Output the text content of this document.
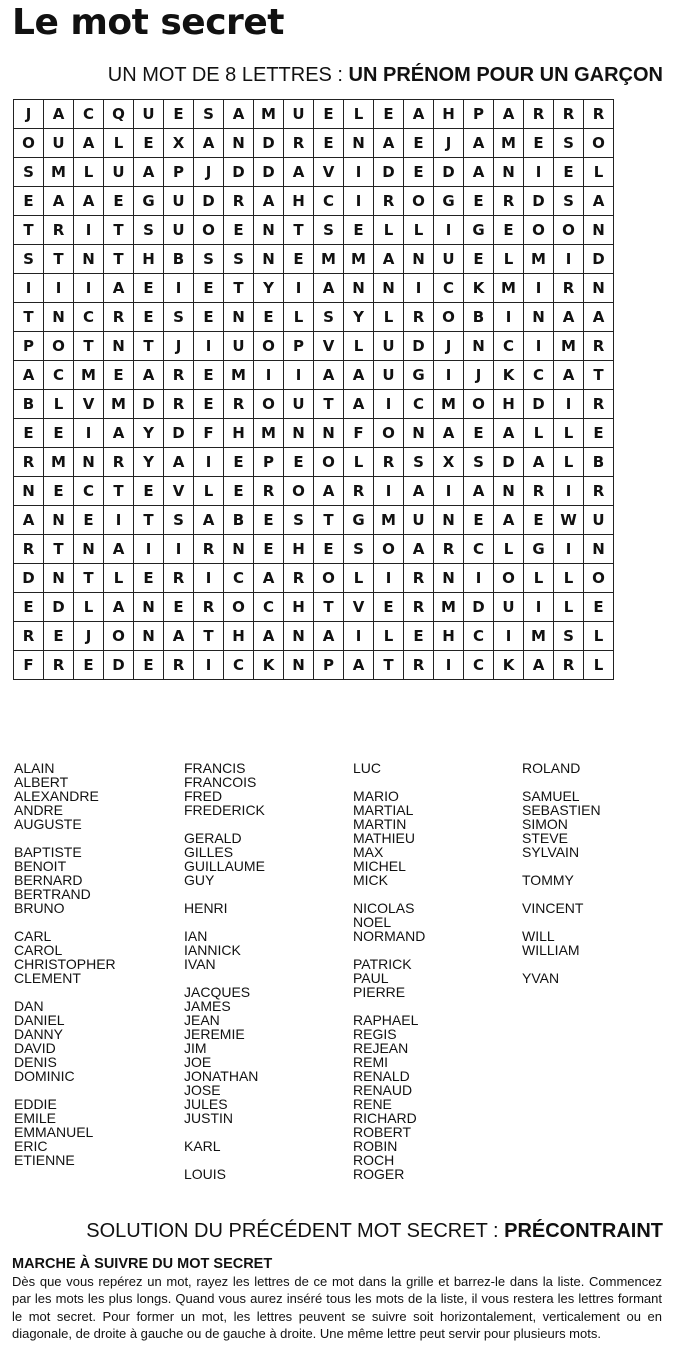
Le mot secret
UN MOT DE 8 LETTRES : UN PRÉNOM POUR UN GARÇON
J	A	C	Q	U	E	S	A	M	U	E	L	E	A	H	P	A	R	R	R
O	U	A	L	E	X	A	N	D	R	E	N	A	E	J	A	M	E	S	O
S	M	L	U	A	P	J	D	D	A	V	I	D	E	D	A	N	I	E	L
E	A	A	E	G	U	D	R	A	H	C	I	R	O	G	E	R	D	S	A
T	R	I	T	S	U	O	E	N	T	S	E	L	L	I	G	E	O	O	N
S	T	N	T	H	B	S	S	N	E	M	M	A	N	U	E	L	M	I	D
I	I	I	A	E	I	E	T	Y	I	A	N	N	I	C	K	M	I	R	N
T	N	C	R	E	S	E	N	E	L	S	Y	L	R	O	B	I	N	A	A
P	O	T	N	T	J	I	U	O	P	V	L	U	D	J	N	C	I	M	R
A	C	M	E	A	R	E	M	I	I	A	A	U	G	I	J	K	C	A	T
B	L	V	M	D	R	E	R	O	U	T	A	I	C	M	O	H	D	I	R
E	E	I	A	Y	D	F	H	M	N	N	F	O	N	A	E	A	L	L	E
R	M	N	R	Y	A	I	E	P	E	O	L	R	S	X	S	D	A	L	B
N	E	C	T	E	V	L	E	R	O	A	R	I	A	I	A	N	R	I	R
A	N	E	I	T	S	A	B	E	S	T	G	M	U	N	E	A	E	W	U
R	T	N	A	I	I	R	N	E	H	E	S	O	A	R	C	L	G	I	N
D	N	T	L	E	R	I	C	A	R	O	L	I	R	N	I	O	L	L	O
E	D	L	A	N	E	R	O	C	H	T	V	E	R	M	D	U	I	L	E
R	E	J	O	N	A	T	H	A	N	A	I	L	E	H	C	I	M	S	L
F	R	E	D	E	R	I	C	K	N	P	A	T	R	I	C	K	A	R	L
ALAIN
ALBERT
ALEXANDRE
ANDRE
AUGUSTE
BAPTISTE
BENOIT
BERNARD
BERTRAND
BRUNO
CARL
CAROL
CHRISTOPHER
CLEMENT
DAN
DANIEL
DANNY
DAVID
DENIS
DOMINIC
EDDIE
EMILE
EMMANUEL
ERIC
ETIENNE
FRANCIS
FRANCOIS
FRED
FREDERICK
GERALD
GILLES
GUILLAUME
GUY
HENRI
IAN
IANNICK
IVAN
JACQUES
JAMES
JEAN
JEREMIE
JIM
JOE
JONATHAN
JOSE
JULES
JUSTIN
KARL
LOUIS
LUC
MARIO
MARTIAL
MARTIN
MATHIEU
MAX
MICHEL
MICK
NICOLAS
NOEL
NORMAND
PATRICK
PAUL
PIERRE
RAPHAEL
REGIS
REJEAN
REMI
RENALD
RENAUD
RENE
RICHARD
ROBERT
ROBIN
ROCH
ROGER
ROLAND
SAMUEL
SEBASTIEN
SIMON
STEVE
SYLVAIN
TOMMY
VINCENT
WILL
WILLIAM
YVAN
SOLUTION DU PRÉCÉDENT MOT SECRET : PRÉCONTRAINT
MARCHE À SUIVRE DU MOT SECRET
Dès que vous repérez un mot, rayez les lettres de ce mot dans la grille et barrez-le dans la liste. Commencez par les mots les plus longs. Quand vous aurez inséré tous les mots de la liste, il vous restera les lettres formant le mot secret. Pour former un mot, les lettres peuvent se suivre soit horizontalement, verticalement ou en diagonale, de droite à gauche ou de gauche à droite. Une même lettre peut servir pour plusieurs mots.
